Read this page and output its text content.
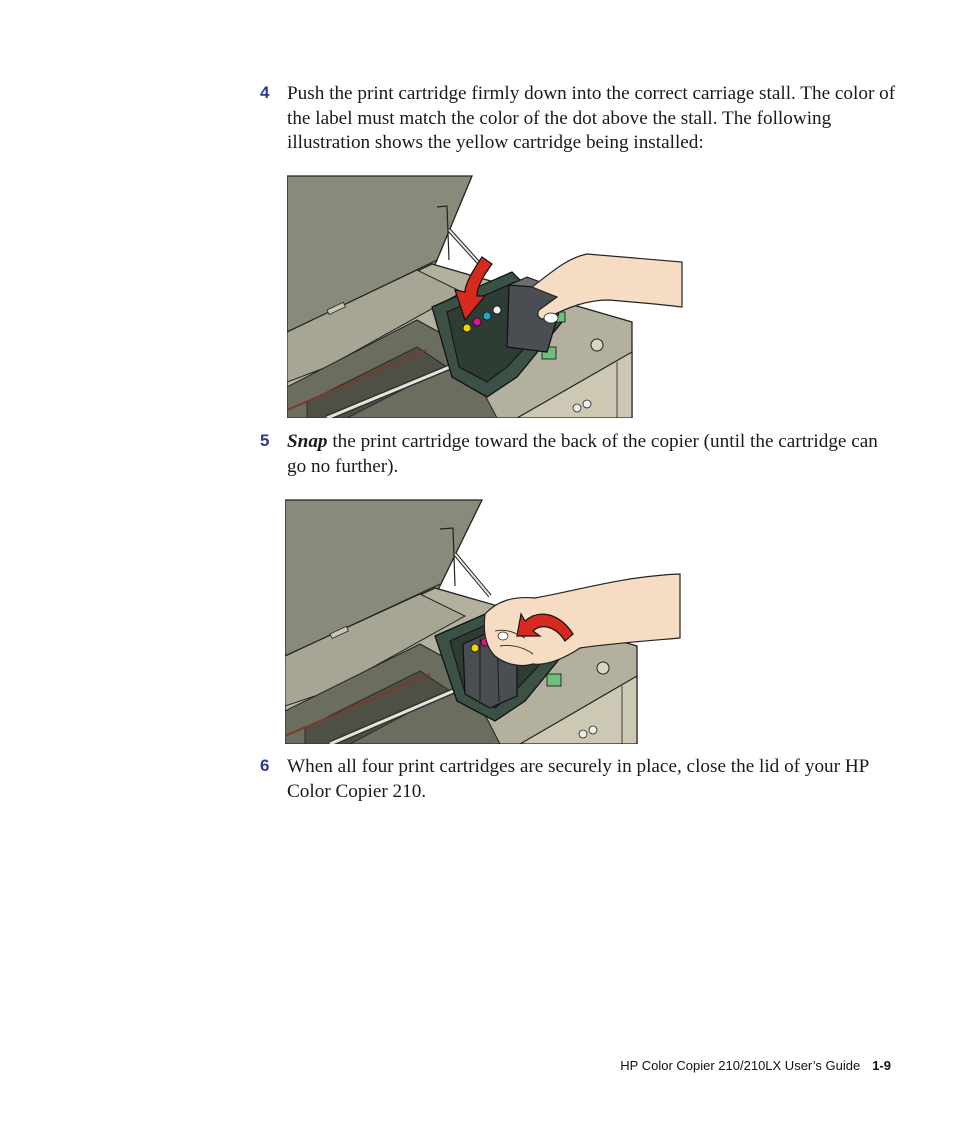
4 Push the print cartridge firmly down into the correct carriage stall. The color of the label must match the color of the dot above the stall. The following illustration shows the yellow cartridge being installed:
5 Snap the print cartridge toward the back of the copier (until the cartridge can go no further).
6 When all four print cartridges are securely in place, close the lid of your HP Color Copier 210.
HP Color Copier 210/210LX User’s Guide 1-9
